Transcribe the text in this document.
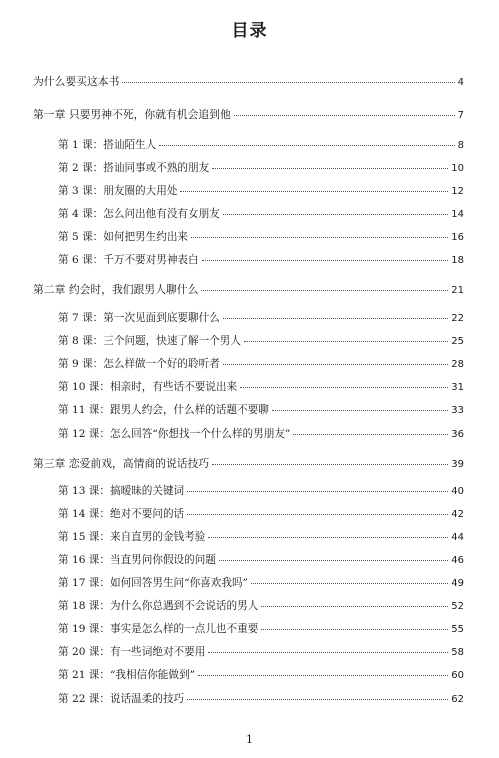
目录
为什么要买这本书	4
第一章 只要男神不死，你就有机会追到他	7
第 1 课：搭讪陌生人	8
第 2 课：搭讪同事或不熟的朋友	10
第 3 课：朋友圈的大用处	12
第 4 课：怎么问出他有没有女朋友	14
第 5 课：如何把男生约出来	16
第 6 课：千万不要对男神表白	18
第二章 约会时，我们跟男人聊什么	21
第 7 课：第一次见面到底要聊什么	22
第 8 课：三个问题，快速了解一个男人	25
第 9 课：怎么样做一个好的聆听者	28
第 10 课：相亲时，有些话不要说出来	31
第 11 课：跟男人约会，什么样的话题不要聊	33
第 12 课：怎么回答“你想找一个什么样的男朋友”	36
第三章 恋爱前戏，高情商的说话技巧	39
第 13 课：搞暧昧的关键词	40
第 14 课：绝对不要问的话	42
第 15 课：来自直男的金钱考验	44
第 16 课：当直男问你假设的问题	46
第 17 课：如何回答男生问“你喜欢我吗”	49
第 18 课：为什么你总遇到不会说话的男人	52
第 19 课：事实是怎么样的一点儿也不重要	55
第 20 课：有一些词绝对不要用	58
第 21 课：“我相信你能做到”	60
第 22 课：说话温柔的技巧	62
1
